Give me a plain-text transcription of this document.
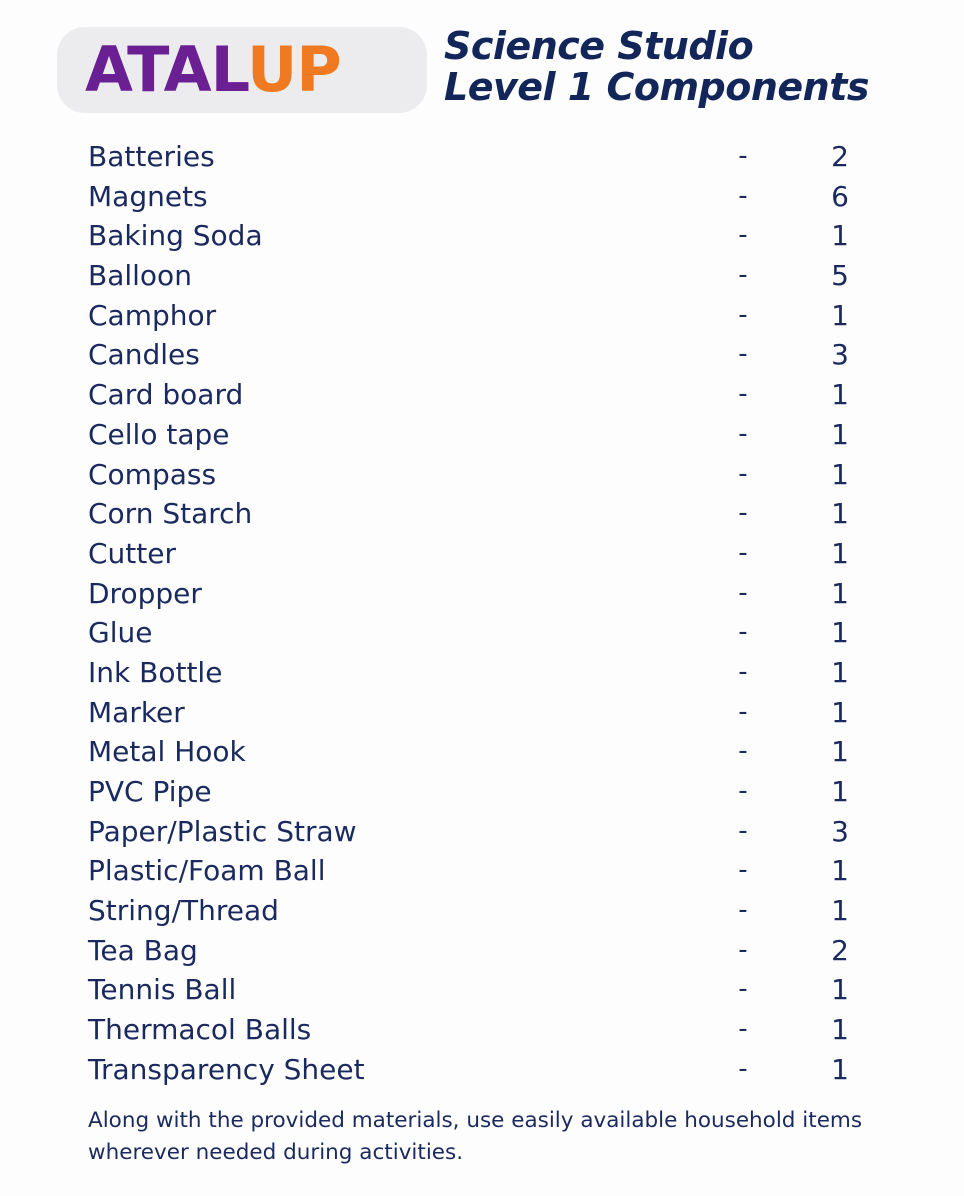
ATALUP	Science Studio
Level 1 Components
Batteries	-	2
Magnets	-	6
Baking Soda	-	1
Balloon	-	5
Camphor	-	1
Candles	-	3
Card board	-	1
Cello tape	-	1
Compass	-	1
Corn Starch	-	1
Cutter	-	1
Dropper	-	1
Glue	-	1
Ink Bottle	-	1
Marker	-	1
Metal Hook	-	1
PVC Pipe	-	1
Paper/Plastic Straw	-	3
Plastic/Foam Ball	-	1
String/Thread	-	1
Tea Bag	-	2
Tennis Ball	-	1
Thermacol Balls	-	1
Transparency Sheet	-	1
Along with the provided materials, use easily available household items wherever needed during activities.
